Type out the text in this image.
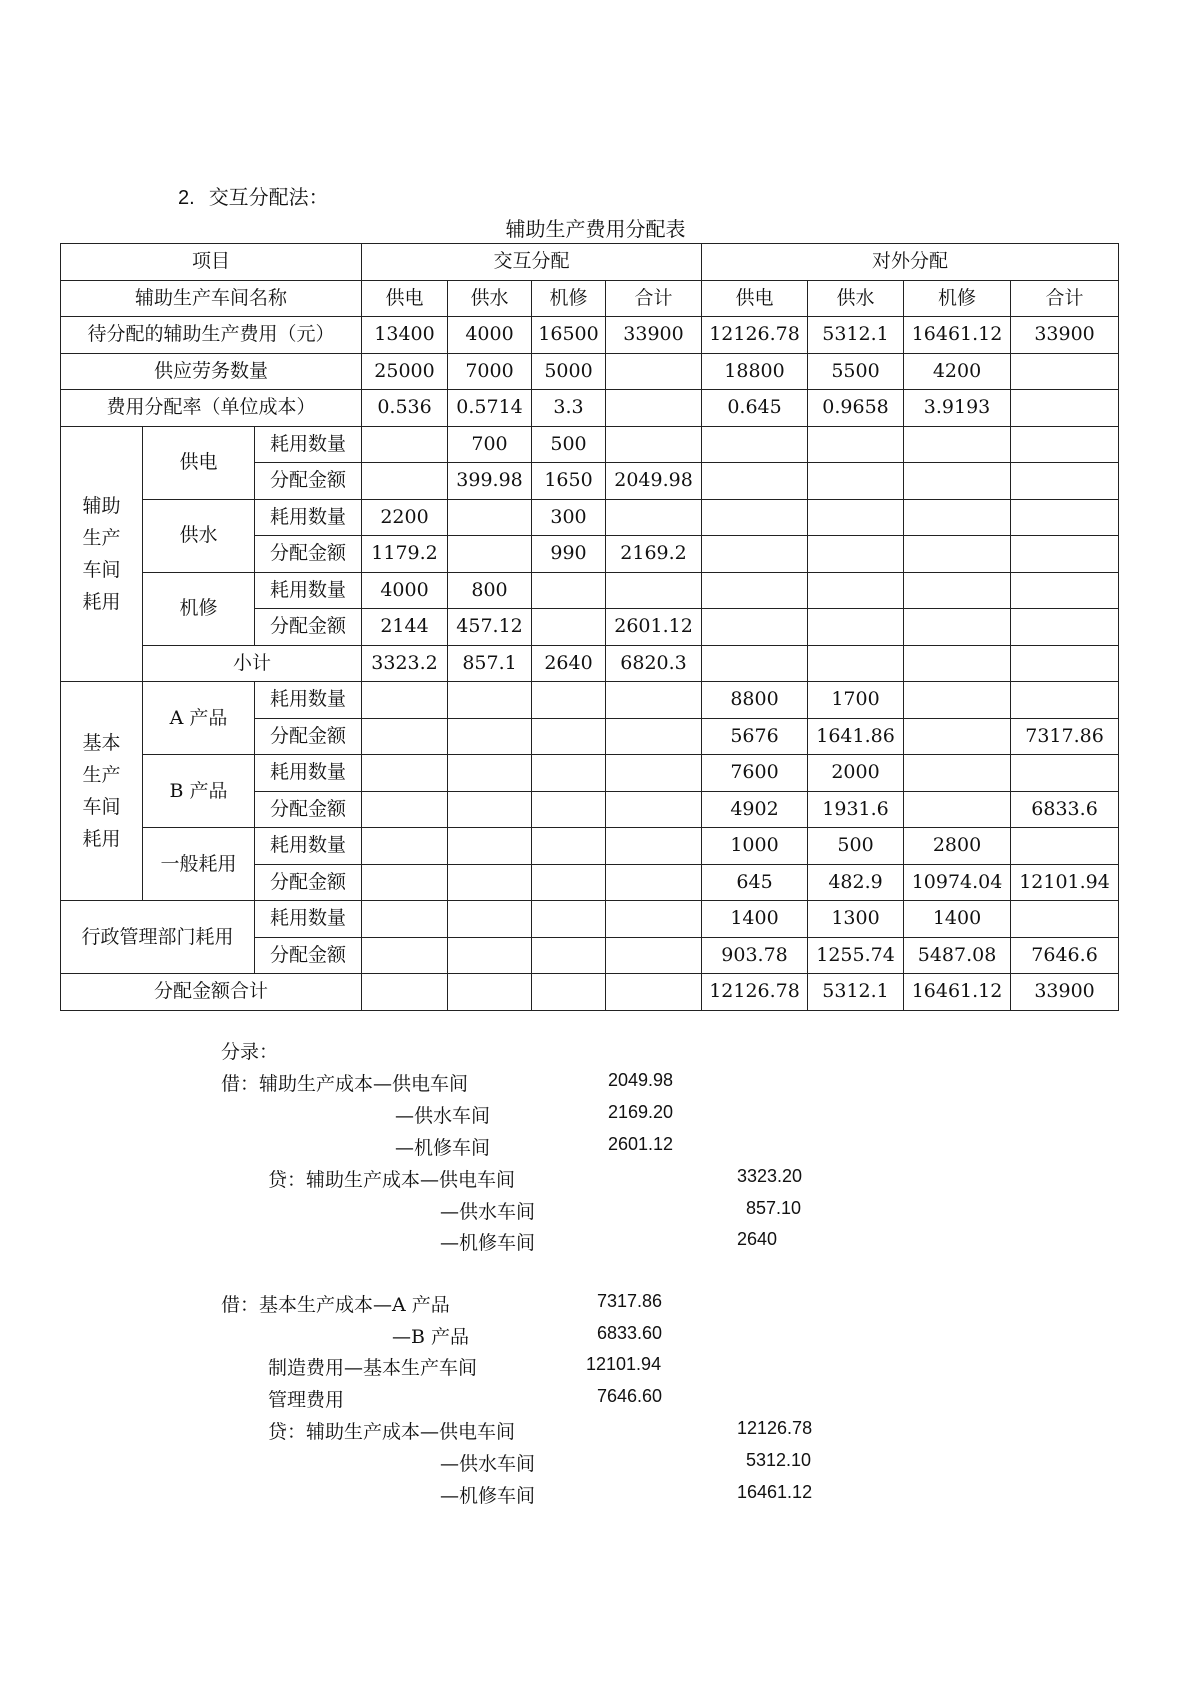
2. 交互分配法：
辅助生产费用分配表
项目			交互分配				对外分配			
辅助生产车间名称			供电	供水	机修	合计	供电	供水	机修	合计
待分配的辅助生产费用（元）			13400	4000	16500	33900	12126.78	5312.1	16461.12	33900
供应劳务数量			25000	7000	5000		18800	5500	4200	
费用分配率（单位成本）			0.536	0.5714	3.3		0.645	0.9658	3.9193	
辅助生产车间耗用	供电	耗用数量		700	500					
		分配金额		399.98	1650	2049.98				
	供水	耗用数量	2200		300					
		分配金额	1179.2		990	2169.2				
	机修	耗用数量	4000	800						
		分配金额	2144	457.12		2601.12				
	小计		3323.2	857.1	2640	6820.3				
基本生产车间耗用	A 产品	耗用数量					8800	1700		
		分配金额					5676	1641.86		7317.86
	B 产品	耗用数量					7600	2000		
		分配金额					4902	1931.6		6833.6
	一般耗用	耗用数量					1000	500	2800	
		分配金额					645	482.9	10974.04	12101.94
行政管理部门耗用		耗用数量					1400	1300	1400	
		分配金额					903.78	1255.74	5487.08	7646.6
分配金额合计							12126.78	5312.1	16461.12	33900
分录：
借：辅助生产成本—供电车间	2049.98
—供水车间	2169.20
—机修车间	2601.12
贷：辅助生产成本—供电车间	3323.20
—供水车间	857.10
—机修车间	2640
借：基本生产成本—A 产品	7317.86
—B 产品	6833.60
制造费用—基本生产车间	12101.94
管理费用	7646.60
贷：辅助生产成本—供电车间	12126.78
—供水车间	5312.10
—机修车间	16461.12
